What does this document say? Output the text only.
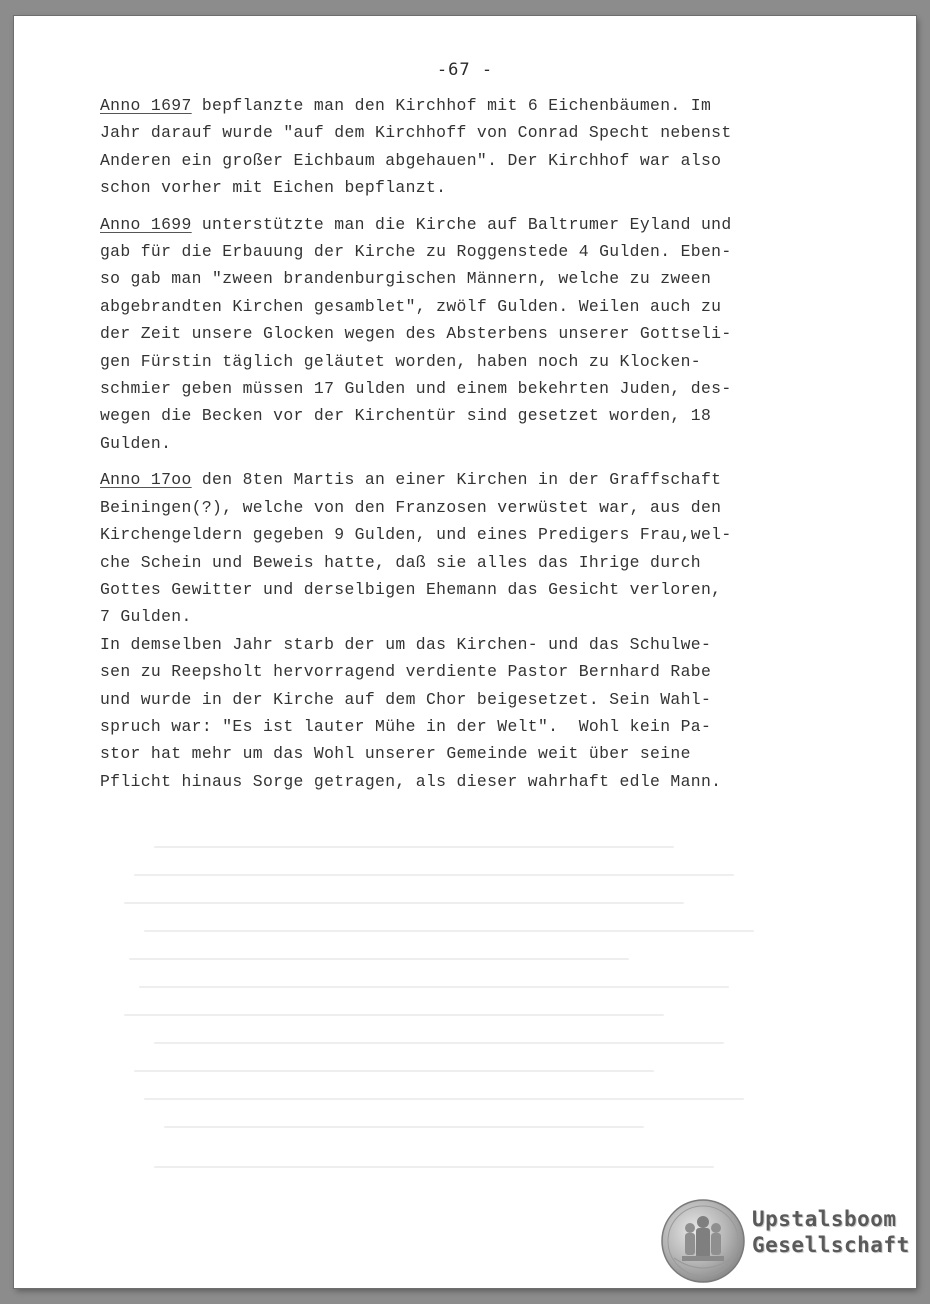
-67 -

Anno 1697 bepflanzte man den Kirchhof mit 6 Eichenbäumen. Im

Jahr darauf wurde "auf dem Kirchhoff von Conrad Specht nebenst

Anderen ein großer Eichbaum abgehauen". Der Kirchhof war also

schon vorher mit Eichen bepflanzt.

Anno 1699 unterstützte man die Kirche auf Baltrumer Eyland und

gab für die Erbauung der Kirche zu Roggenstede 4 Gulden. Eben-

so gab man "zween brandenburgischen Männern, welche zu zween

abgebrandten Kirchen gesamblet", zwölf Gulden. Weilen auch zu

der Zeit unsere Glocken wegen des Absterbens unserer Gottseli-

gen Fürstin täglich geläutet worden, haben noch zu Klocken-

schmier geben müssen 17 Gulden und einem bekehrten Juden, des-

wegen die Becken vor der Kirchentür sind gesetzet worden, 18

Gulden.

Anno 17oo den 8ten Martis an einer Kirchen in der Graffschaft

Beiningen(?), welche von den Franzosen verwüstet war, aus den

Kirchengeldern gegeben 9 Gulden, und eines Predigers Frau,wel-

che Schein und Beweis hatte, daß sie alles das Ihrige durch

Gottes Gewitter und derselbigen Ehemann das Gesicht verloren,

7 Gulden.

In demselben Jahr starb der um das Kirchen- und das Schulwe-

sen zu Reepsholt hervorragend verdiente Pastor Bernhard Rabe

und wurde in der Kirche auf dem Chor beigesetzet. Sein Wahl-

spruch war: "Es ist lauter Mühe in der Welt".  Wohl kein Pa-

stor hat mehr um das Wohl unserer Gemeinde weit über seine

Pflicht hinaus Sorge getragen, als dieser wahrhaft edle Mann.

Upstalsboom
Gesellschaft
